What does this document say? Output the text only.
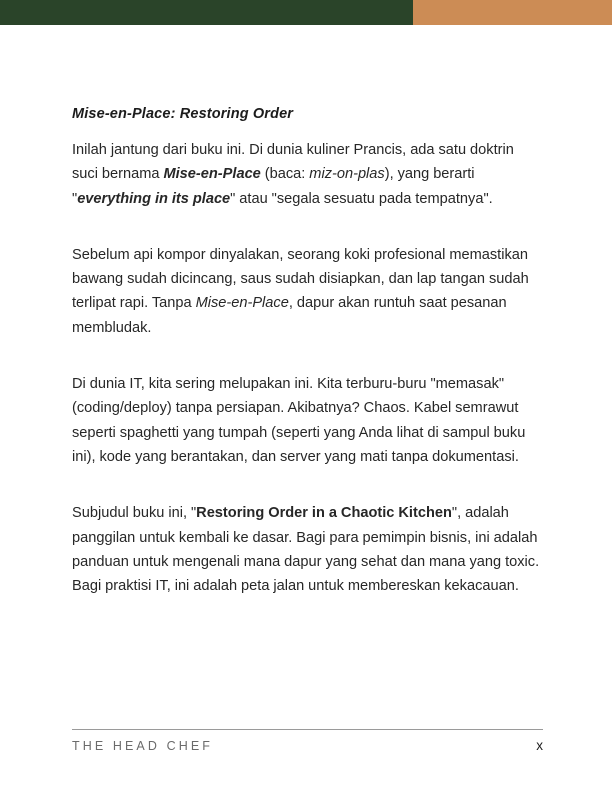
Mise-en-Place: Restoring Order

Inilah jantung dari buku ini. Di dunia kuliner Prancis, ada satu doktrin suci bernama Mise-en-Place (baca: miz-on-plas), yang berarti "everything in its place" atau "segala sesuatu pada tempatnya".

Sebelum api kompor dinyalakan, seorang koki profesional memastikan bawang sudah dicincang, saus sudah disiapkan, dan lap tangan sudah terlipat rapi. Tanpa Mise-en-Place, dapur akan runtuh saat pesanan membludak.

Di dunia IT, kita sering melupakan ini. Kita terburu-buru "memasak" (coding/deploy) tanpa persiapan. Akibatnya? Chaos. Kabel semrawut seperti spaghetti yang tumpah (seperti yang Anda lihat di sampul buku ini), kode yang berantakan, dan server yang mati tanpa dokumentasi.

Subjudul buku ini, "Restoring Order in a Chaotic Kitchen", adalah panggilan untuk kembali ke dasar. Bagi para pemimpin bisnis, ini adalah panduan untuk mengenali mana dapur yang sehat dan mana yang toxic. Bagi praktisi IT, ini adalah peta jalan untuk membereskan kekacauan.

THE HEAD CHEF	x
